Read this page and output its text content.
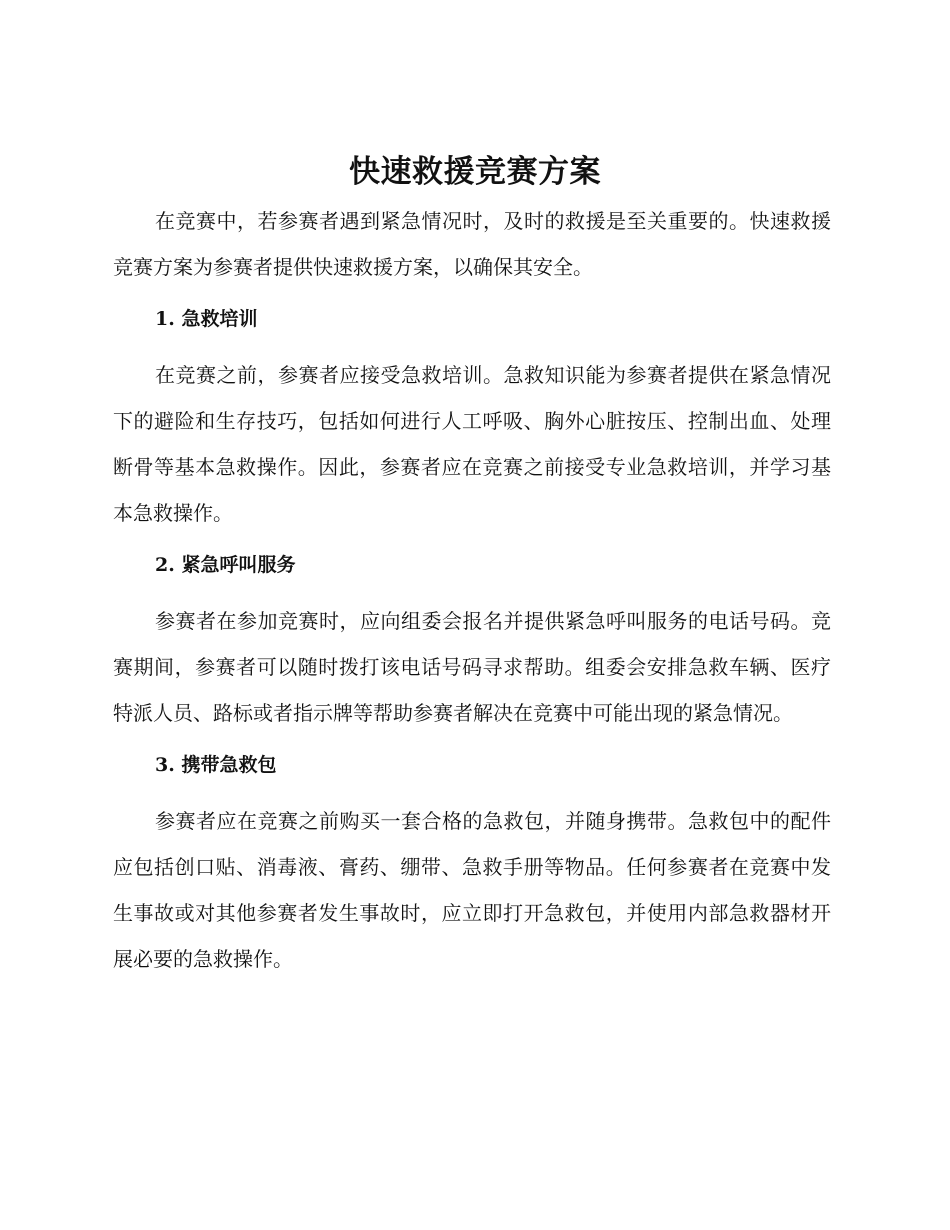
快速救援竞赛方案

在竞赛中，若参赛者遇到紧急情况时，及时的救援是至关重要的。快速救援竞赛方案为参赛者提供快速救援方案，以确保其安全。

1. 急救培训

在竞赛之前，参赛者应接受急救培训。急救知识能为参赛者提供在紧急情况下的避险和生存技巧，包括如何进行人工呼吸、胸外心脏按压、控制出血、处理断骨等基本急救操作。因此，参赛者应在竞赛之前接受专业急救培训，并学习基本急救操作。

2. 紧急呼叫服务

参赛者在参加竞赛时，应向组委会报名并提供紧急呼叫服务的电话号码。竞赛期间，参赛者可以随时拨打该电话号码寻求帮助。组委会安排急救车辆、医疗特派人员、路标或者指示牌等帮助参赛者解决在竞赛中可能出现的紧急情况。

3. 携带急救包

参赛者应在竞赛之前购买一套合格的急救包，并随身携带。急救包中的配件应包括创口贴、消毒液、膏药、绷带、急救手册等物品。任何参赛者在竞赛中发生事故或对其他参赛者发生事故时，应立即打开急救包，并使用内部急救器材开展必要的急救操作。
